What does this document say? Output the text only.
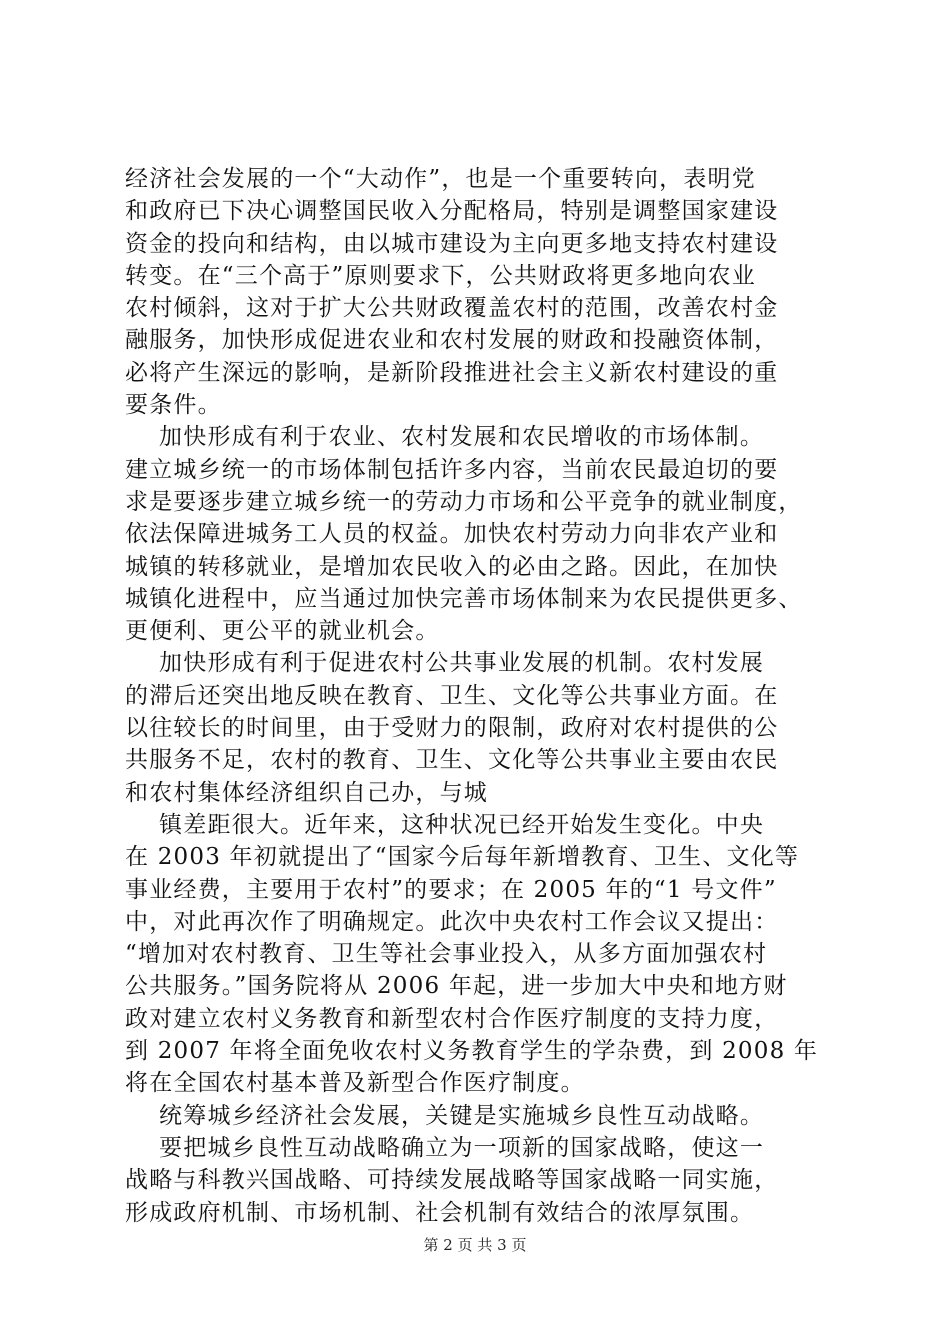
经济社会发展的一个“大动作”，也是一个重要转向，表明党
和政府已下决心调整国民收入分配格局，特别是调整国家建设
资金的投向和结构，由以城市建设为主向更多地支持农村建设
转变。在“三个高于”原则要求下，公共财政将更多地向农业
农村倾斜，这对于扩大公共财政覆盖农村的范围，改善农村金
融服务，加快形成促进农业和农村发展的财政和投融资体制，
必将产生深远的影响，是新阶段推进社会主义新农村建设的重
要条件。
加快形成有利于农业、农村发展和农民增收的市场体制。
建立城乡统一的市场体制包括许多内容，当前农民最迫切的要
求是要逐步建立城乡统一的劳动力市场和公平竞争的就业制度，
依法保障进城务工人员的权益。加快农村劳动力向非农产业和
城镇的转移就业，是增加农民收入的必由之路。因此，在加快
城镇化进程中，应当通过加快完善市场体制来为农民提供更多、
更便利、更公平的就业机会。
加快形成有利于促进农村公共事业发展的机制。农村发展
的滞后还突出地反映在教育、卫生、文化等公共事业方面。在
以往较长的时间里，由于受财力的限制，政府对农村提供的公
共服务不足，农村的教育、卫生、文化等公共事业主要由农民
和农村集体经济组织自己办，与城
镇差距很大。近年来，这种状况已经开始发生变化。中央
在 2003 年初就提出了“国家今后每年新增教育、卫生、文化等
事业经费，主要用于农村”的要求；在 2005 年的“1 号文件”
中，对此再次作了明确规定。此次中央农村工作会议又提出：
“增加对农村教育、卫生等社会事业投入，从多方面加强农村
公共服务。”国务院将从 2006 年起，进一步加大中央和地方财
政对建立农村义务教育和新型农村合作医疗制度的支持力度，
到 2007 年将全面免收农村义务教育学生的学杂费，到 2008 年
将在全国农村基本普及新型合作医疗制度。
统筹城乡经济社会发展，关键是实施城乡良性互动战略。
要把城乡良性互动战略确立为一项新的国家战略，使这一
战略与科教兴国战略、可持续发展战略等国家战略一同实施，
形成政府机制、市场机制、社会机制有效结合的浓厚氛围。
第 2 页 共 3 页
